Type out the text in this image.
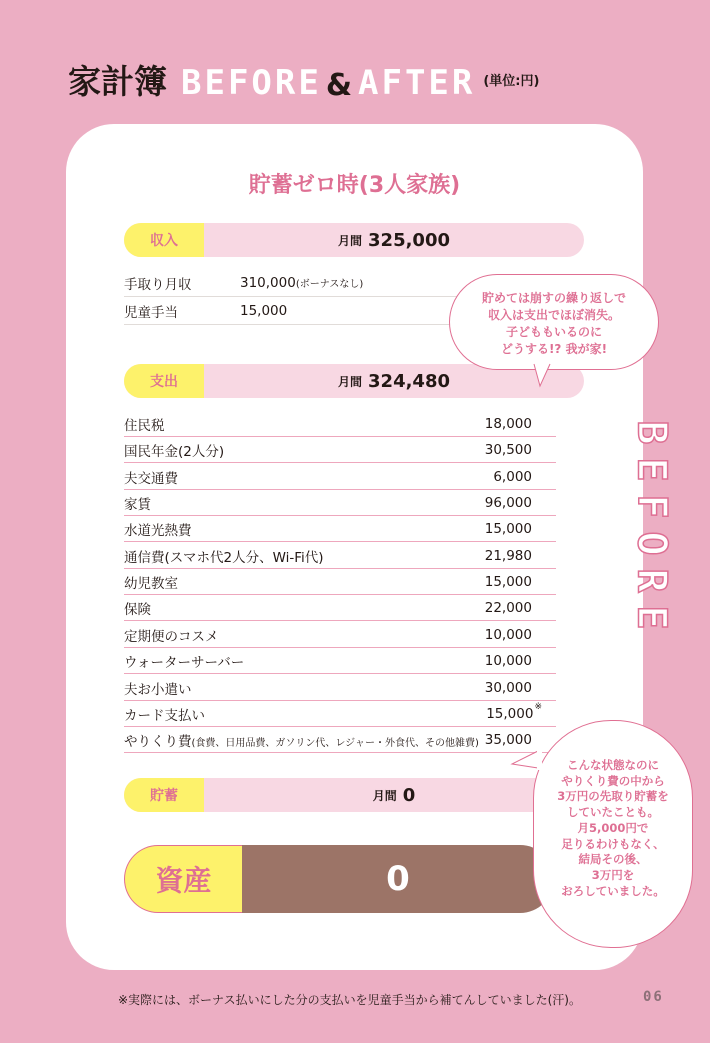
家計簿 BEFORE & AFTER (単位:円)
貯蓄ゼロ時(3人家族)
収入	月間 325,000
手取り月収	310,000 (ボーナスなし)
児童手当	15,000
支出	月間 324,480
住民税	18,000
国民年金(2人分)	30,500
夫交通費	6,000
家賃	96,000
水道光熱費	15,000
通信費(スマホ代2人分、Wi-Fi代)	21,980
幼児教室	15,000
保険	22,000
定期便のコスメ	10,000
ウォーターサーバー	10,000
夫お小遣い	30,000
カード支払い	15,000※
やりくり費(食費、日用品費、ガソリン代、レジャー・外食代、その他雑費) 35,000
貯蓄	月間 0
資産	0
B
E
F
O
R
E
貯めては崩すの繰り返しで
収入は支出でほぼ消失。
子どももいるのに
どうする!? 我が家!
こんな状態なのに
やりくり費の中から
3万円の先取り貯蓄を
していたことも。
月5,000円で
足りるわけもなく、
結局その後、
3万円を
おろしていました。
※実際には、ボーナス払いにした分の支払いを児童手当から補てんしていました(汗)。	06
